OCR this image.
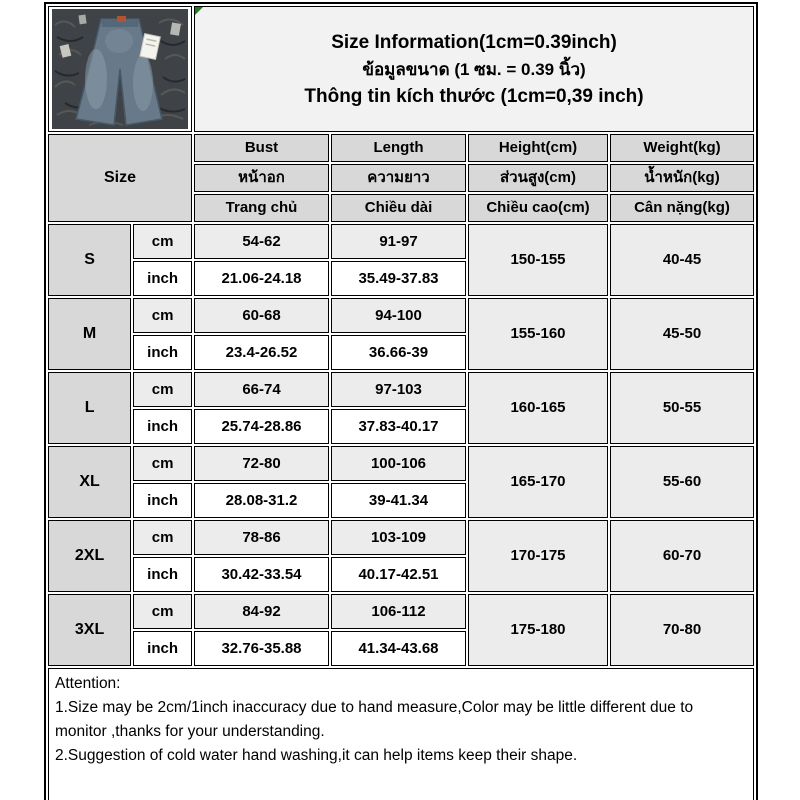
Size Information(1cm=0.39inch)
ข้อมูลขนาด (1 ซม. = 0.39 นิ้ว)
Thông tin kích thước (1cm=0,39 inch)			

Size		Bust	Length	Height(cm)	Weight(kg)
		หน้าอก	ความยาว	ส่วนสูง(cm)	น้ำหนัก(kg)
		Trang chủ	Chiều dài	Chiều cao(cm)	Cân nặng(kg)
S	cm	54-62	91-97	150-155	40-45
	inch	21.06-24.18	35.49-37.83		
M	cm	60-68	94-100	155-160	45-50
	inch	23.4-26.52	36.66-39		
L	cm	66-74	97-103	160-165	50-55
	inch	25.74-28.86	37.83-40.17		
XL	cm	72-80	100-106	165-170	55-60
	inch	28.08-31.2	39-41.34		
2XL	cm	78-86	103-109	170-175	60-70
	inch	30.42-33.54	40.17-42.51		
3XL	cm	84-92	106-112	175-180	70-80
	inch	32.76-35.88	41.34-43.68		

Attention:
1.Size may be 2cm/1inch inaccuracy due to hand measure,Color may be little different due to monitor ,thanks for your understanding.
2.Suggestion of cold water hand washing,it can help items keep their shape.					
